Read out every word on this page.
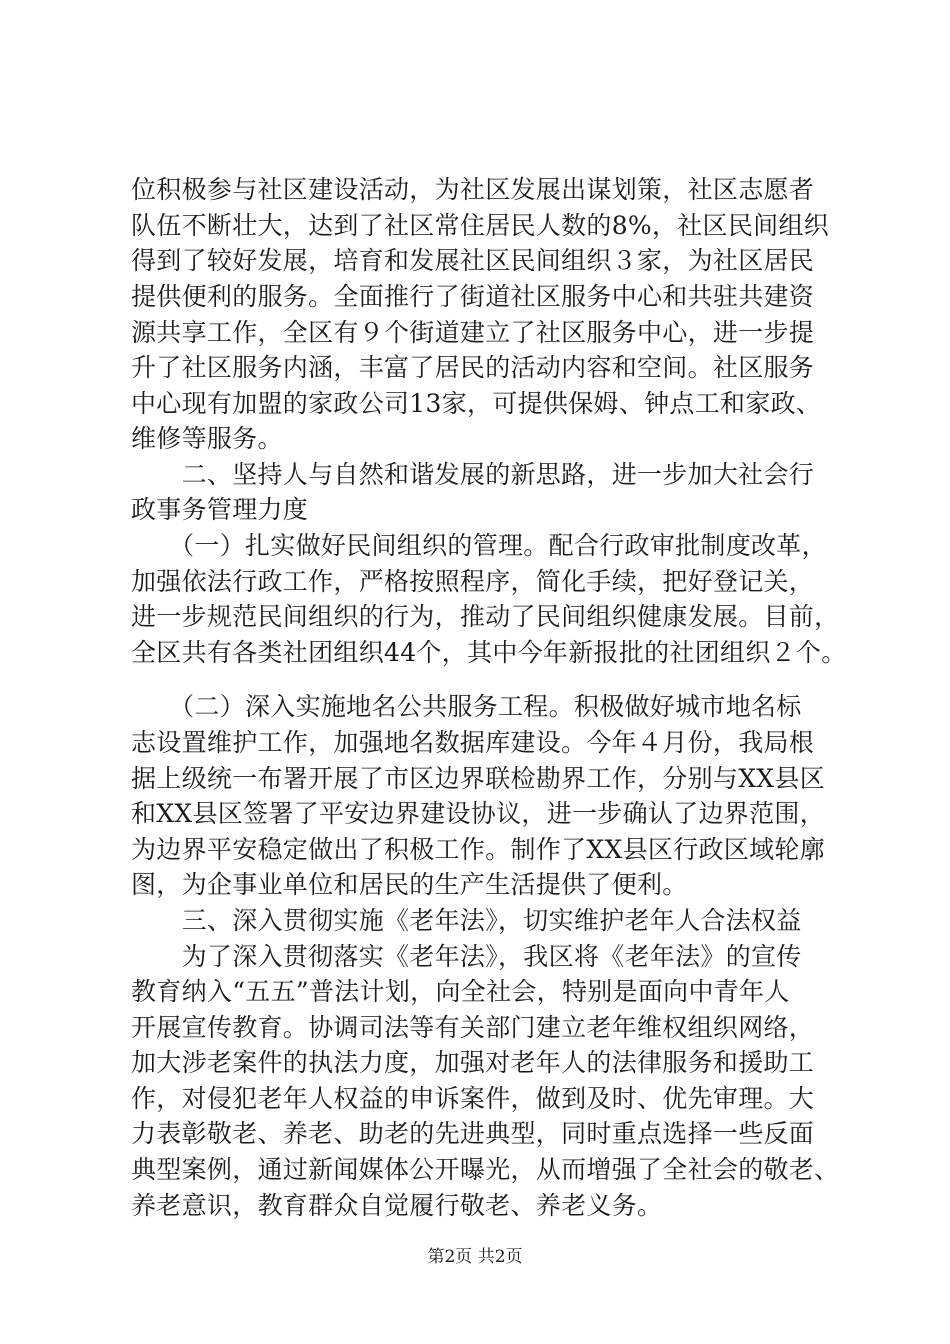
位积极参与社区建设活动，为社区发展出谋划策，社区志愿者
队伍不断壮大，达到了社区常住居民人数的8%，社区民间组织
得到了较好发展，培育和发展社区民间组织３家，为社区居民
提供便利的服务。全面推行了街道社区服务中心和共驻共建资
源共享工作，全区有９个街道建立了社区服务中心，进一步提
升了社区服务内涵，丰富了居民的活动内容和空间。社区服务
中心现有加盟的家政公司13家，可提供保姆、钟点工和家政、
维修等服务。
　　二、坚持人与自然和谐发展的新思路，进一步加大社会行
政事务管理力度
　　（一）扎实做好民间组织的管理。配合行政审批制度改革，
加强依法行政工作，严格按照程序，简化手续，把好登记关，
进一步规范民间组织的行为，推动了民间组织健康发展。目前，
全区共有各类社团组织44个，其中今年新报批的社团组织２个。
　　（二）深入实施地名公共服务工程。积极做好城市地名标
志设置维护工作，加强地名数据库建设。今年４月份，我局根
据上级统一布署开展了市区边界联检勘界工作，分别与XX县区
和XX县区签署了平安边界建设协议，进一步确认了边界范围，
为边界平安稳定做出了积极工作。制作了XX县区行政区域轮廓
图，为企事业单位和居民的生产生活提供了便利。
　　三、深入贯彻实施《老年法》，切实维护老年人合法权益
　　为了深入贯彻落实《老年法》，我区将《老年法》的宣传
教育纳入“五五”普法计划，向全社会，特别是面向中青年人
开展宣传教育。协调司法等有关部门建立老年维权组织网络，
加大涉老案件的执法力度，加强对老年人的法律服务和援助工
作，对侵犯老年人权益的申诉案件，做到及时、优先审理。大
力表彰敬老、养老、助老的先进典型，同时重点选择一些反面
典型案例，通过新闻媒体公开曝光，从而增强了全社会的敬老、
养老意识，教育群众自觉履行敬老、养老义务。
第2页 共2页
